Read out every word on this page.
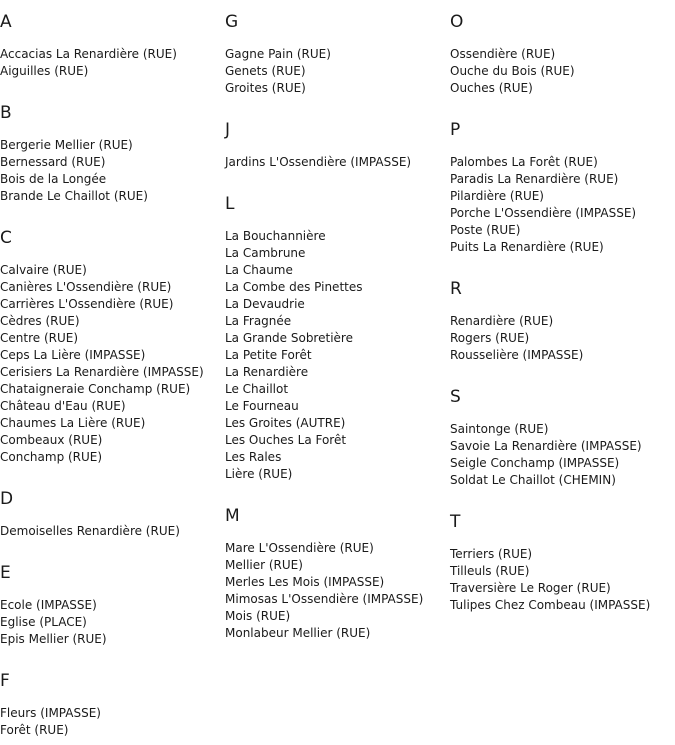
A
Accacias La Renardière (RUE)
Aiguilles (RUE)
B
Bergerie Mellier (RUE)
Bernessard (RUE)
Bois de la Longée
Brande Le Chaillot (RUE)
C
Calvaire (RUE)
Canières L'Ossendière (RUE)
Carrières L'Ossendière (RUE)
Cèdres (RUE)
Centre (RUE)
Ceps La Lière (IMPASSE)
Cerisiers La Renardière (IMPASSE)
Chataigneraie Conchamp (RUE)
Château d'Eau (RUE)
Chaumes La Lière (RUE)
Combeaux (RUE)
Conchamp (RUE)
D
Demoiselles Renardière (RUE)
E
Ecole (IMPASSE)
Eglise (PLACE)
Epis Mellier (RUE)
F
Fleurs (IMPASSE)
Forêt (RUE)
G
Gagne Pain (RUE)
Genets (RUE)
Groites (RUE)
J
Jardins L'Ossendière (IMPASSE)
L
La Bouchannière
La Cambrune
La Chaume
La Combe des Pinettes
La Devaudrie
La Fragnée
La Grande Sobretière
La Petite Forêt
La Renardière
Le Chaillot
Le Fourneau
Les Groites (AUTRE)
Les Ouches La Forêt
Les Rales
Lière (RUE)
M
Mare L'Ossendière (RUE)
Mellier (RUE)
Merles Les Mois (IMPASSE)
Mimosas L'Ossendière (IMPASSE)
Mois (RUE)
Monlabeur Mellier (RUE)
O
Ossendière (RUE)
Ouche du Bois (RUE)
Ouches (RUE)
P
Palombes La Forêt (RUE)
Paradis La Renardière (RUE)
Pilardière (RUE)
Porche L'Ossendière (IMPASSE)
Poste (RUE)
Puits La Renardière (RUE)
R
Renardière (RUE)
Rogers (RUE)
Rousselière (IMPASSE)
S
Saintonge (RUE)
Savoie La Renardière (IMPASSE)
Seigle Conchamp (IMPASSE)
Soldat Le Chaillot (CHEMIN)
T
Terriers (RUE)
Tilleuls (RUE)
Traversière Le Roger (RUE)
Tulipes Chez Combeau (IMPASSE)
